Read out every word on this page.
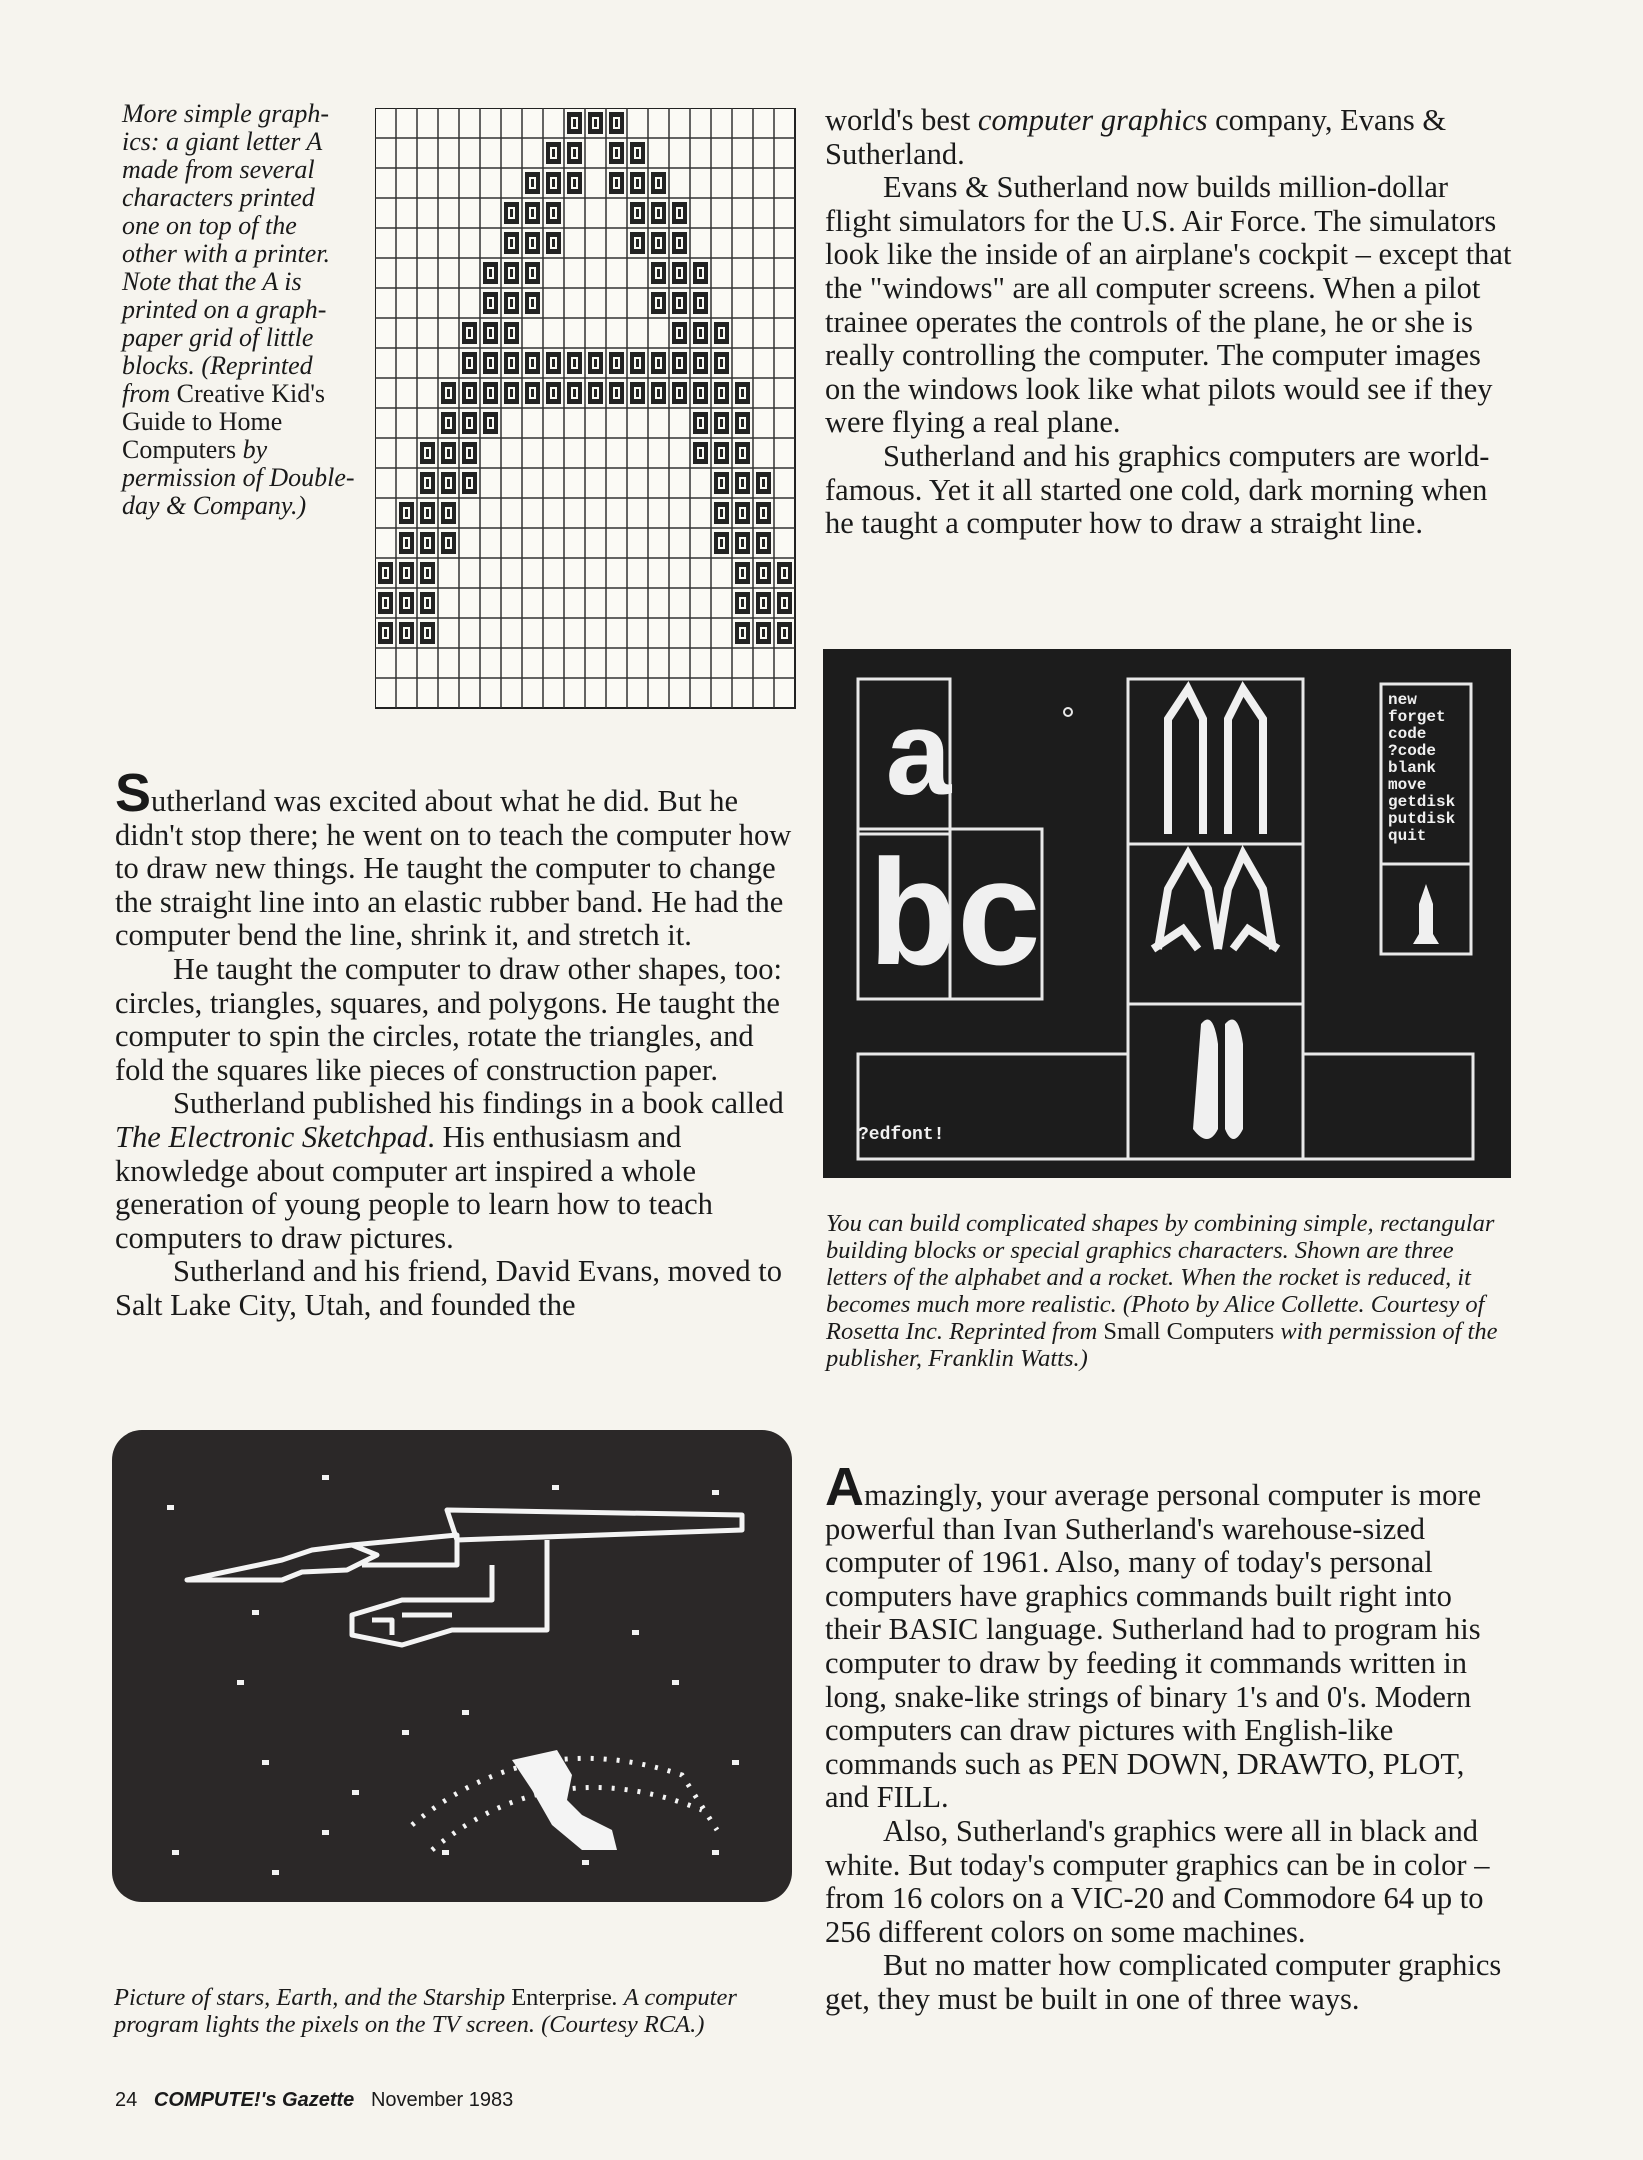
More simple graph-
ics: a giant letter A
made from several
characters printed
one on top of the
other with a printer.
Note that the A is
printed on a graph-
paper grid of little
blocks. (Reprinted
from Creative Kid's
Guide to Home
Computers by
permission of Double-
day & Company.)

world's best computer graphics company, Evans & Sutherland.

Evans & Sutherland now builds million-dollar flight simulators for the U.S. Air Force. The simulators look like the inside of an airplane's cockpit – except that the "windows" are all computer screens. When a pilot trainee operates the controls of the plane, he or she is really controlling the computer. The computer images on the windows look like what pilots would see if they were flying a real plane.

Sutherland and his graphics computers are world-famous. Yet it all started one cold, dark morning when he taught a computer how to draw a straight line.

a
b
c
new
forget
code
?code
blank
move
getdisk
putdisk
quit
?edfont!
You can build complicated shapes by combining simple, rectangular building blocks or special graphics characters. Shown are three letters of the alphabet and a rocket. When the rocket is reduced, it becomes much more realistic. (Photo by Alice Collette. Courtesy of Rosetta Inc. Reprinted from Small Computers with permission of the publisher, Franklin Watts.)

Sutherland was excited about what he did. But he didn't stop there; he went on to teach the computer how to draw new things. He taught the computer to change the straight line into an elastic rubber band. He had the computer bend the line, shrink it, and stretch it.

He taught the computer to draw other shapes, too: circles, triangles, squares, and polygons. He taught the computer to spin the circles, rotate the triangles, and fold the squares like pieces of construction paper.

Sutherland published his findings in a book called The Electronic Sketchpad. His enthusiasm and knowledge about computer art inspired a whole generation of young people to learn how to teach computers to draw pictures.

Sutherland and his friend, David Evans, moved to Salt Lake City, Utah, and founded the

Amazingly, your average personal computer is more powerful than Ivan Sutherland's warehouse-sized computer of 1961. Also, many of today's personal computers have graphics commands built right into their BASIC language. Sutherland had to program his computer to draw by feeding it commands written in long, snake-like strings of binary 1's and 0's. Modern computers can draw pictures with English-like commands such as PEN DOWN, DRAWTO, PLOT, and FILL.

Also, Sutherland's graphics were all in black and white. But today's computer graphics can be in color – from 16 colors on a VIC-20 and Commodore 64 up to 256 different colors on some machines.

But no matter how complicated computer graphics get, they must be built in one of three ways.

Picture of stars, Earth, and the Starship Enterprise. A computer program lights the pixels on the TV screen. (Courtesy RCA.)
24 COMPUTE!'s Gazette November 1983
